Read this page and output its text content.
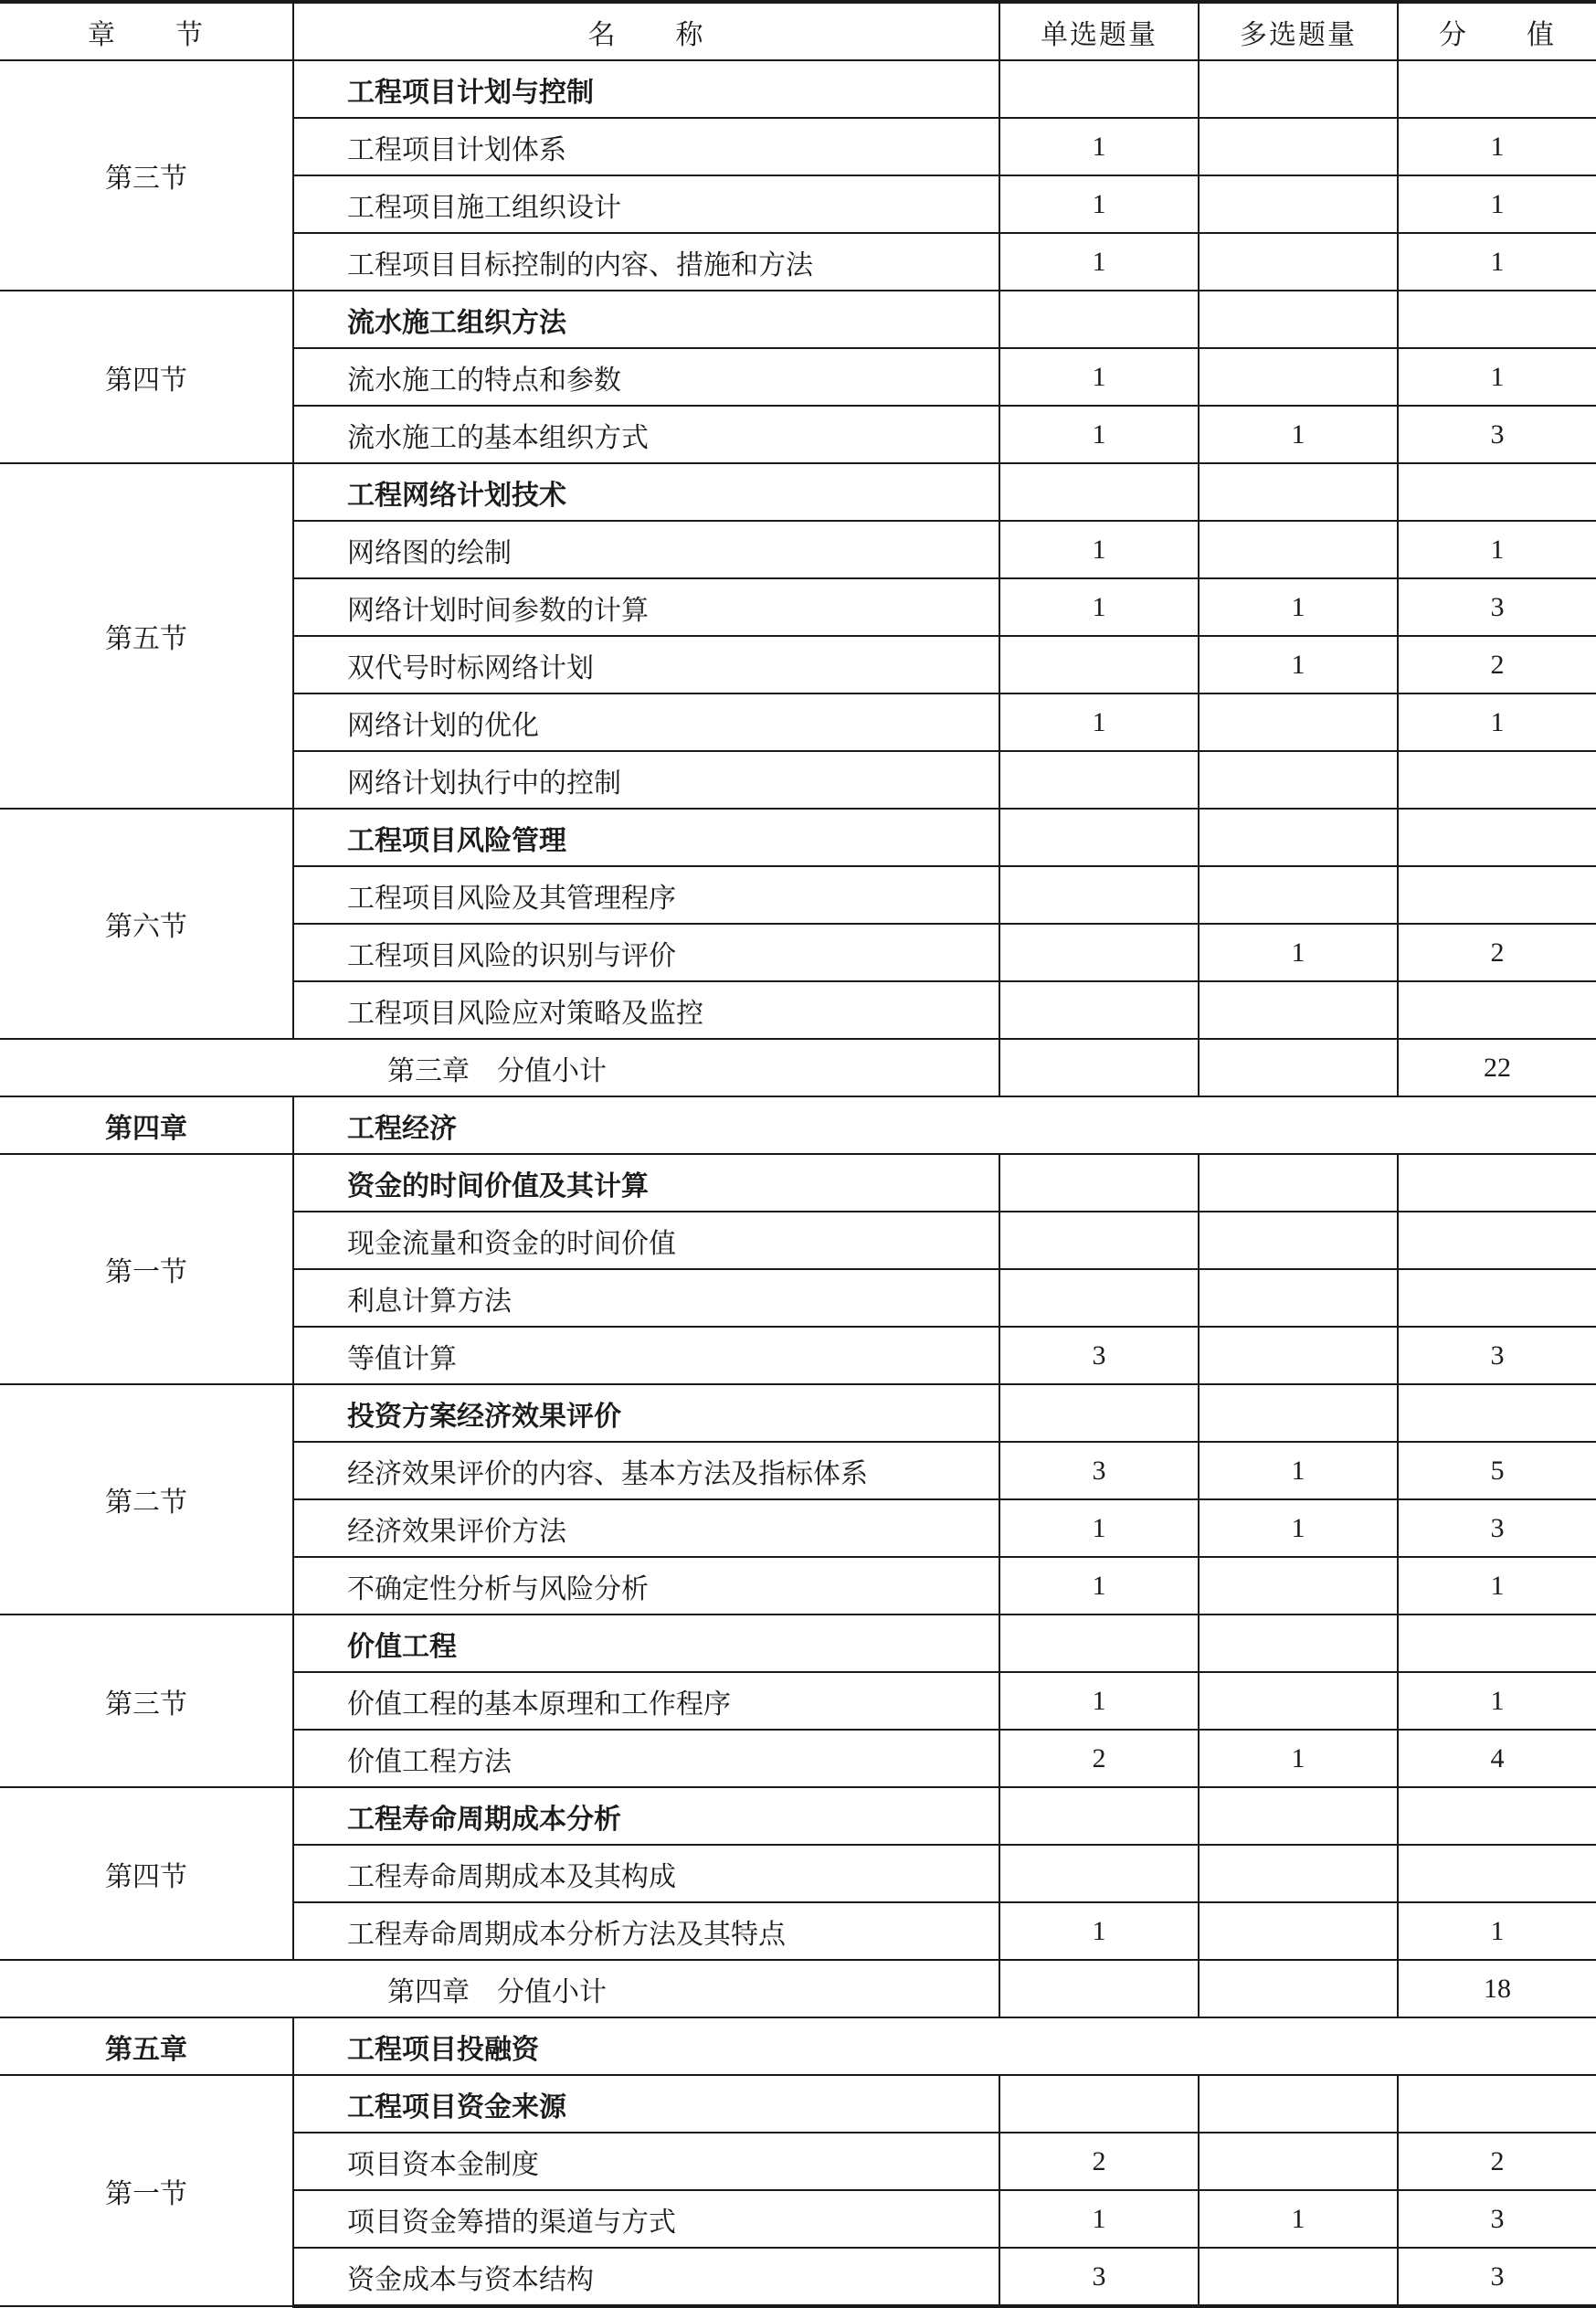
章　　节	名　　称	单选题量	多选题量	分　　值
第三节	工程项目计划与控制			
	工程项目计划体系	1		1
	工程项目施工组织设计	1		1
	工程项目目标控制的内容、措施和方法	1		1
第四节	流水施工组织方法			
	流水施工的特点和参数	1		1
	流水施工的基本组织方式	1	1	3
第五节	工程网络计划技术			
	网络图的绘制	1		1
	网络计划时间参数的计算	1	1	3
	双代号时标网络计划		1	2
	网络计划的优化	1		1
	网络计划执行中的控制			
第六节	工程项目风险管理			
	工程项目风险及其管理程序			
	工程项目风险的识别与评价		1	2
	工程项目风险应对策略及监控			
第三章　分值小计				22
第四章	工程经济			
第一节	资金的时间价值及其计算			
	现金流量和资金的时间价值			
	利息计算方法			
	等值计算	3		3
第二节	投资方案经济效果评价			
	经济效果评价的内容、基本方法及指标体系	3	1	5
	经济效果评价方法	1	1	3
	不确定性分析与风险分析	1		1
第三节	价值工程			
	价值工程的基本原理和工作程序	1		1
	价值工程方法	2	1	4
第四节	工程寿命周期成本分析			
	工程寿命周期成本及其构成			
	工程寿命周期成本分析方法及其特点	1		1
第四章　分值小计				18
第五章	工程项目投融资			
第一节	工程项目资金来源			
	项目资本金制度	2		2
	项目资金筹措的渠道与方式	1	1	3
	资金成本与资本结构	3		3
